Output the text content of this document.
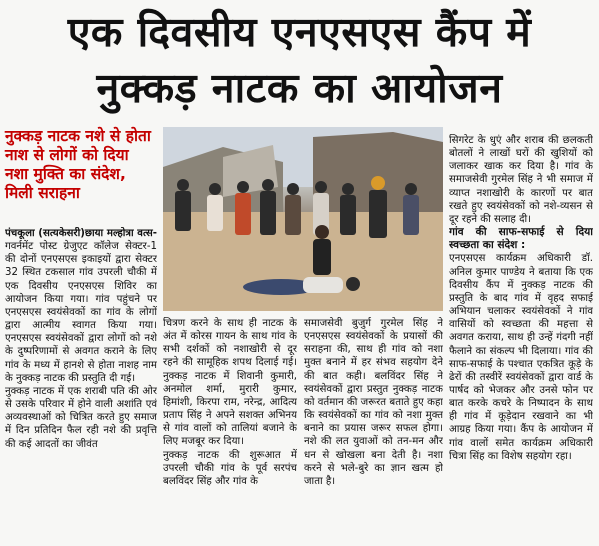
एक दिवसीय एनएसएस कैंप में
नुक्कड़ नाटक का आयोजन
नुक्कड़ नाटक नशे से होता नाश से लोगों को दिया नशा मुक्ति का संदेश, मिली सराहना

पंचकूला (सत्यकेसरी)छाया मल्होत्रा वत्स- गवर्नमेंट पोस्ट ग्रेजुएट कॉलेज सेक्टर-1 की दोनों एनएसएस इकाइयों द्वारा सेक्टर 32 स्थित टकसाल गांव उपरली चौकी में एक दिवसीय एनएसएस शिविर का आयोजन किया गया। गांव पहुंचने पर एनएसएस स्वयंसेवकों का गांव के लोगों द्वारा आत्मीय स्वागत किया गया। एनएसएस स्वयंसेवकों द्वारा लोगों को नशे के दुष्परिणामों से अवगत कराने के लिए गांव के मध्य में हानशे से होता नाशह नाम के नुक्कड़ नाटक की प्रस्तुति दी गई।

नुक्कड़ नाटक में एक शराबी पति की ओर से उसके परिवार में होने वाली अशांति एवं अव्यवस्थाओं को चित्रित करते हुए समाज में दिन प्रतिदिन फैल रही नशे की प्रवृत्ति की कई आदतों का जीवंत

चित्रण करने के साथ ही नाटक के अंत में कोरस गायन के साथ गांव के सभी दर्शकों को नशाखोरी से दूर रहने की सामूहिक शपथ दिलाई गई। नुक्कड़ नाटक में शिवानी कुमारी, अनमोल शर्मा, मुरारी कुमार, हिमांशी, किरपा राम, नरेन्द्र, आदित्य प्रताप सिंह ने अपने सशक्त अभिनय से गांव वालों को तालियां बजाने के लिए मजबूर कर दिया।

नुक्कड़ नाटक की शुरूआत में उपरली चौकी गांव के पूर्व सरपंच बलविंदर सिंह और गांव के

समाजसेवी बुजुर्ग गुरमेल सिंह ने एनएसएस स्वयंसेवकों के प्रयासों की सराहना की, साथ ही गांव को नशा मुक्त बनाने में हर संभव सहयोग देने की बात कही। बलविंदर सिंह ने स्वयंसेवकों द्वारा प्रस्तुत नुक्कड़ नाटक को वर्तमान की जरूरत बताते हुए कहा कि स्वयंसेवकों का गांव को नशा मुक्त बनाने का प्रयास जरूर सफल होगा। नशे की लत युवाओं को तन-मन और धन से खोखला बना देती है। नशा करने से भले-बुरे का ज्ञान खत्म हो जाता है।

सिगरेट के धुएं और शराब की छलकती बोतलों ने लाखों घरों की खुशियों को जलाकर खाक कर दिया है। गांव के समाजसेवी गुरमेल सिंह ने भी समाज में व्याप्त नशाखोरी के कारणों पर बात रखते हुए स्वयंसेवकों को नशे-व्यसन से दूर रहने की सलाह दी।

गांव की साफ-सफाई से दिया स्वच्छता का संदेश :

एनएसएस कार्यक्रम अधिकारी डॉ. अनिल कुमार पाण्डेय ने बताया कि एक दिवसीय कैंप में नुक्कड़ नाटक की प्रस्तुति के बाद गांव में वृहद सफाई अभियान चलाकर स्वयंसेवकों ने गांव वासियों को स्वच्छता की महत्ता से अवगत कराया, साथ ही उन्हें गंदगी नहीं फैलाने का संकल्प भी दिलाया। गांव की साफ-सफाई के पश्चात एकत्रित कूड़े के ढेरों की तस्वीरें स्वयंसेवकों द्वारा वार्ड के पार्षद को भेजकर और उनसे फोन पर बात करके कचरे के निष्पादन के साथ ही गांव में कूड़ेदान रखवाने का भी आग्रह किया गया। कैंप के आयोजन में गांव वालों समेत कार्यक्रम अधिकारी चित्रा सिंह का विशेष सहयोग रहा।
